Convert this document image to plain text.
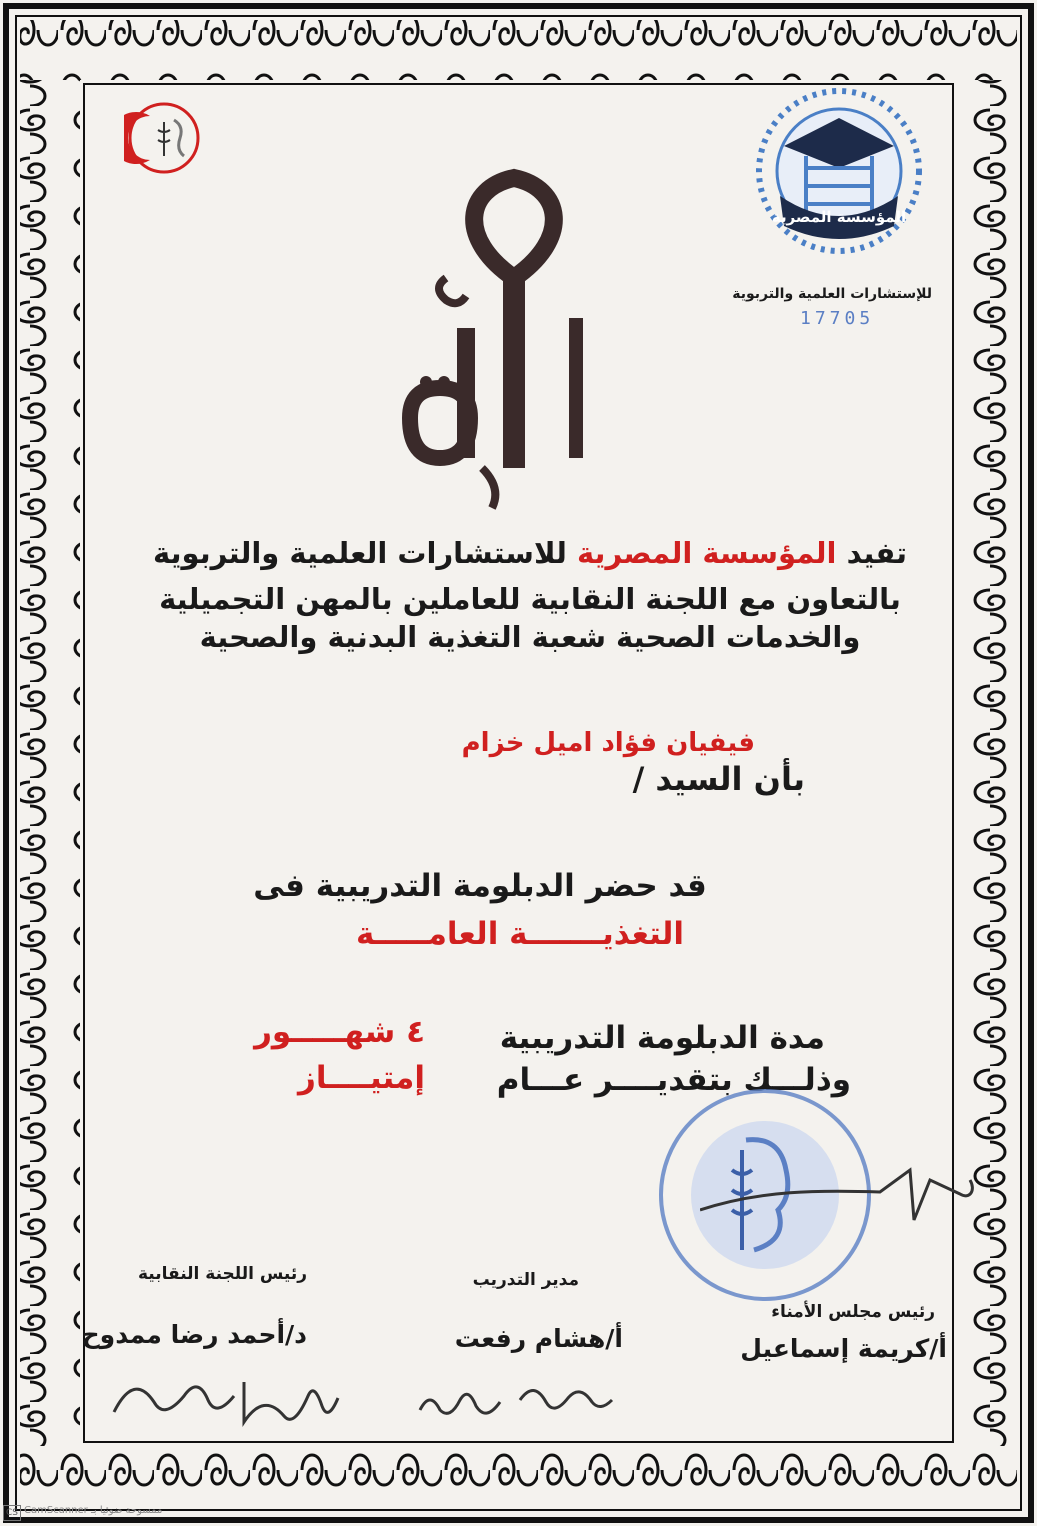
المؤسسة المصرية
للإستشارات العلمية والتربوية
17705
تفيد المؤسسة المصرية للاستشارات العلمية والتربوية
بالتعاون مع اللجنة النقابية للعاملين بالمهن التجميلية
والخدمات الصحية شعبة التغذية البدنية والصحية
بأن السيد /
فيفيان فؤاد اميل خزام
قد حضر الدبلومة التدريبية فى
التغذيـــــــة العامـــــة
مدة الدبلومة التدريبية
٤ شهـــــور
وذلـــك بتقديــــر عـــام
إمتيــــاز
رئيس مجلس الأمناء
أ/كريمة إسماعيل
مدير التدريب
أ/هشام رفعت
رئيس اللجنة النقابية
د/أحمد رضا ممدوح
CS CamScanner ممسوحة ضوئيا بـ
